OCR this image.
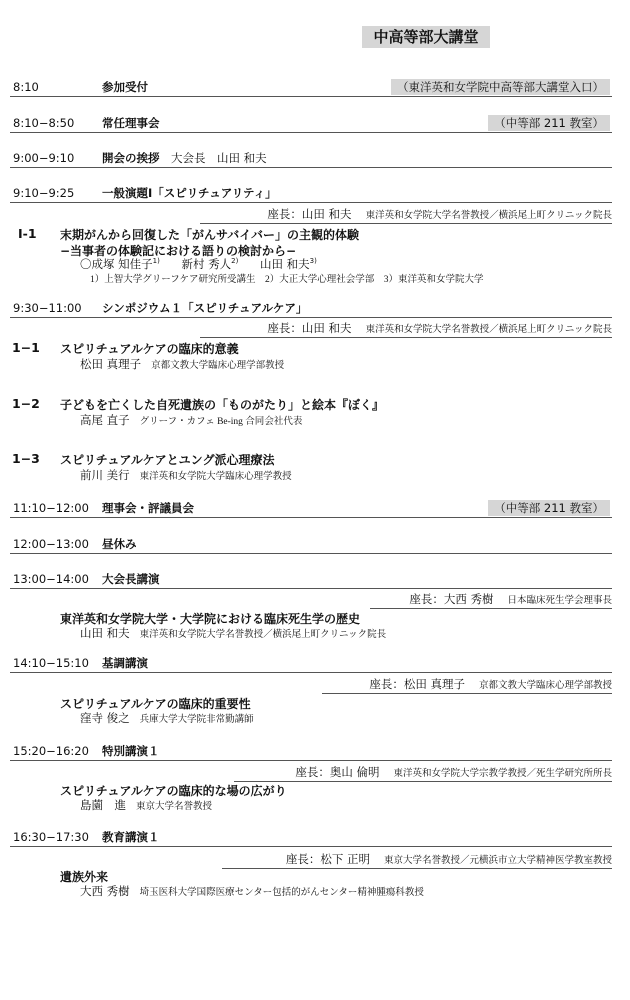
中高等部大講堂
8:10	参加受付	（東洋英和女学院中高等部大講堂入口）
8:10−8:50 常任理事会	（中等部 211 教室）
9:00−9:10 開会の挨拶　 大会長　山田 和夫
9:10−9:25 一般演題Ⅰ「スピリチュアリティ」
座長：山田 和夫 東洋英和女学院大学名誉教授／横浜尾上町クリニック院長
Ⅰ-1 末期がんから回復した「がんサバイバー」の主観的体験
−当事者の体験記における語りの検討から−
〇成塚 知佳子$^{1)}$ 新村 秀人$^{2)}$ 山田 和夫$^{3)}$
1）上智大学グリーフケア研究所受講生　2）大正大学心理社会学部　3）東洋英和女学院大学
9:30−11:00 シンポジウム１「スピリチュアルケア」
座長：山田 和夫 東洋英和女学院大学名誉教授／横浜尾上町クリニック院長
1−1 スピリチュアルケアの臨床的意義
松田 真理子 京都文教大学臨床心理学部教授
1−2 子どもを亡くした自死遺族の「ものがたり」と絵本『ぼく』
高尾 直子 グリーフ・カフェ Be-ing 合同会社代表
1−3 スピリチュアルケアとユング派心理療法
前川 美行 東洋英和女学院大学臨床心理学教授
11:10−12:00 理事会・評議員会	（中等部 211 教室）
12:00−13:00 昼休み
13:00−14:00 大会長講演
座長：大西 秀樹 日本臨床死生学会理事長
東洋英和女学院大学・大学院における臨床死生学の歴史
山田 和夫 東洋英和女学院大学名誉教授／横浜尾上町クリニック院長
14:10−15:10 基調講演
座長：松田 真理子 京都文教大学臨床心理学部教授
スピリチュアルケアの臨床的重要性
窪寺 俊之 兵庫大学大学院非常勤講師
15:20−16:20 特別講演１
座長：奥山 倫明 東洋英和女学院大学宗教学教授／死生学研究所所長
スピリチュアルケアの臨床的な場の広がり
島薗　進 東京大学名誉教授
16:30−17:30 教育講演１
座長：松下 正明 東京大学名誉教授／元横浜市立大学精神医学教室教授
遺族外来
大西 秀樹 埼玉医科大学国際医療センター包括的がんセンター精神腫瘍科教授
